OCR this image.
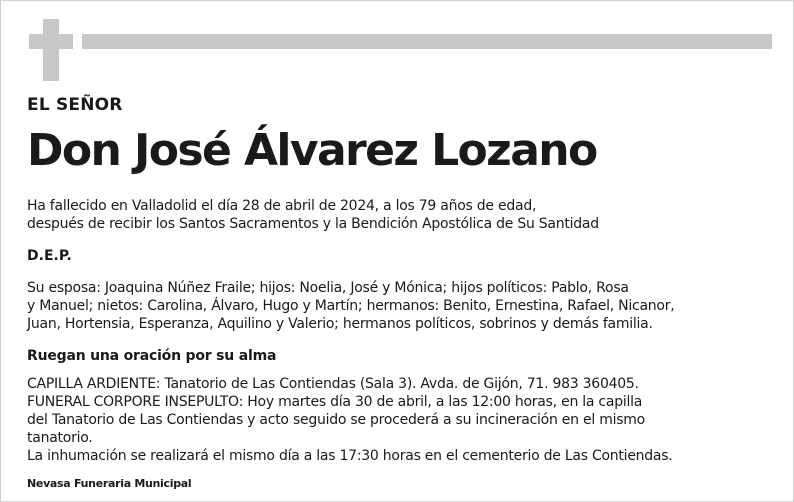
EL SEÑOR

Don José Álvarez Lozano

Ha fallecido en Valladolid el día 28 de abril de 2024, a los 79 años de edad,
después de recibir los Santos Sacramentos y la Bendición Apostólica de Su Santidad

D.E.P.

Su esposa: Joaquina Núñez Fraile; hijos: Noelia, José y Mónica; hijos políticos: Pablo, Rosa
y Manuel; nietos: Carolina, Álvaro, Hugo y Martín; hermanos: Benito, Ernestina, Rafael, Nicanor,
Juan, Hortensia, Esperanza, Aquilino y Valerio; hermanos políticos, sobrinos y demás familia.

Ruegan una oración por su alma

CAPILLA ARDIENTE: Tanatorio de Las Contiendas (Sala 3). Avda. de Gijón, 71. 983 360405.
FUNERAL CORPORE INSEPULTO: Hoy martes día 30 de abril, a las 12:00 horas, en la capilla
del Tanatorio de Las Contiendas y acto seguido se procederá a su incineración en el mismo
tanatorio.
La inhumación se realizará el mismo día a las 17:30 horas en el cementerio de Las Contiendas.

Nevasa Funeraria Municipal
